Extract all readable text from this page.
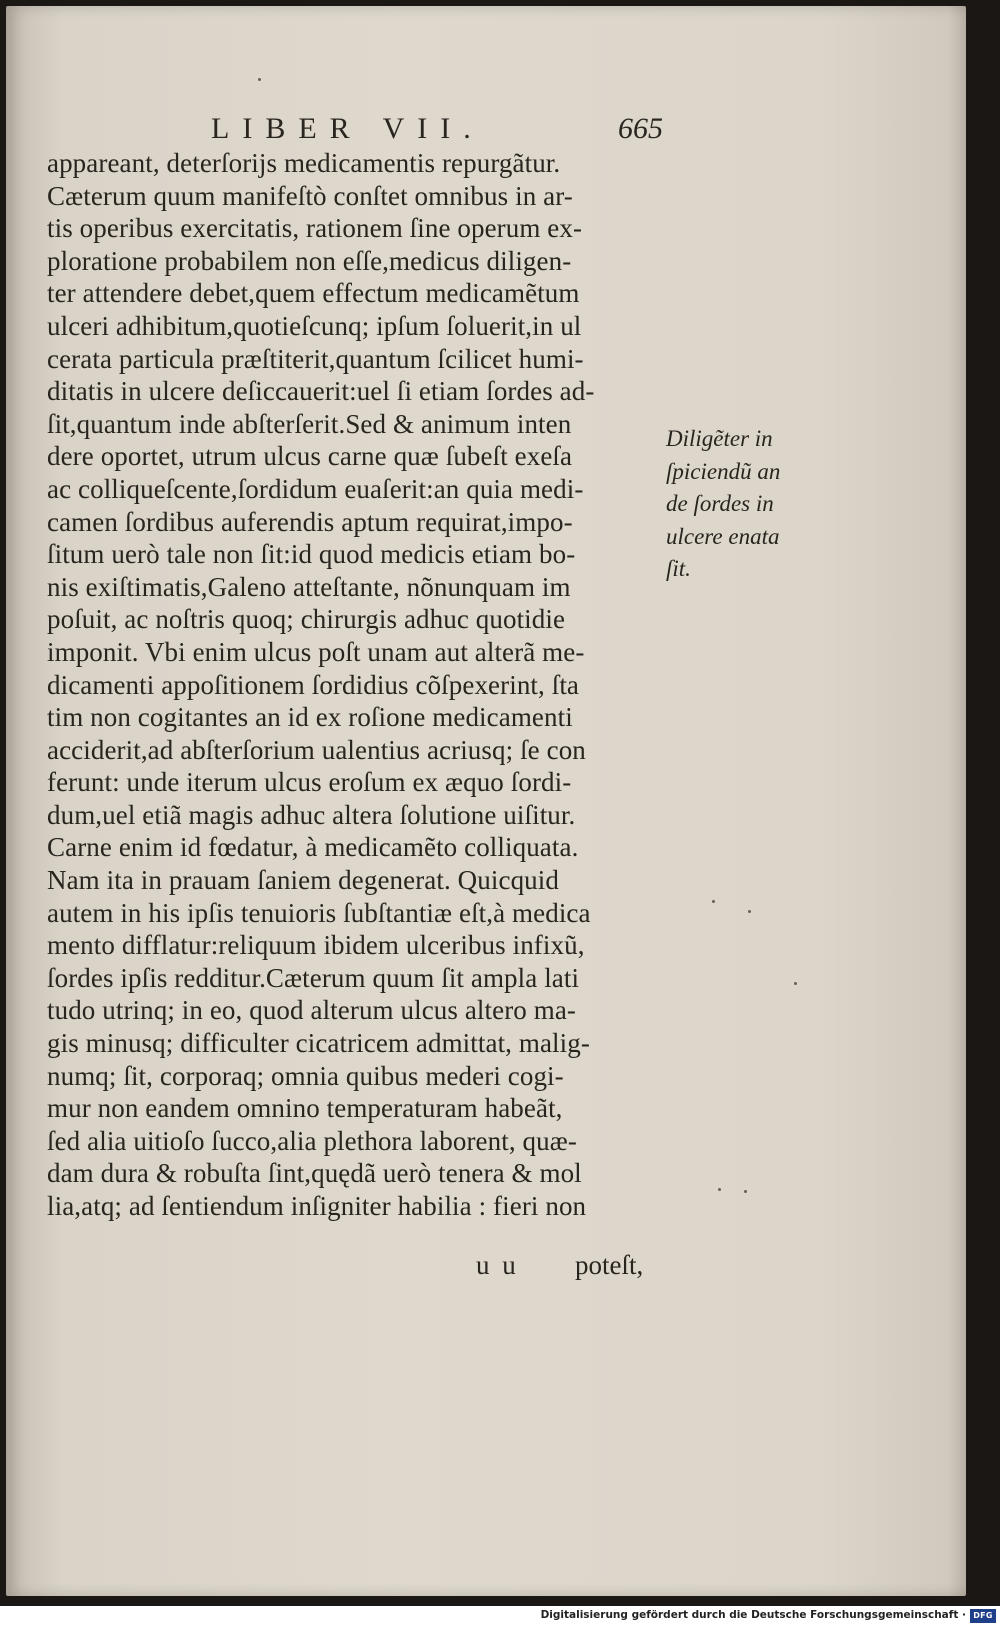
LIBER VII.	665
appareant, deterſorijs medicamentis repurgãtur.
Cæterum quum manifeſtò conſtet omnibus in ar-
tis operibus exercitatis, rationem ſine operum ex-
ploratione probabilem non eſſe,medicus diligen-
ter attendere debet,quem effectum medicamẽtum
ulceri adhibitum,quotieſcunq; ipſum ſoluerit,in ul
cerata particula præſtiterit,quantum ſcilicet humi-
ditatis in ulcere deſiccauerit:uel ſi etiam ſordes ad-
ſit,quantum inde abſterſerit.Sed & animum inten
dere oportet, utrum ulcus carne quæ ſubeſt exeſa
ac colliqueſcente,ſordidum euaſerit:an quia medi-
camen ſordibus auferendis aptum requirat,impo-
ſitum uerò tale non ſit:id quod medicis etiam bo-
nis exiſtimatis,Galeno atteſtante, nõnunquam im
poſuit, ac noſtris quoq; chirurgis adhuc quotidie
imponit. Vbi enim ulcus poſt unam aut alterã me-
dicamenti appoſitionem ſordidius cõſpexerint, ſta
tim non cogitantes an id ex roſione medicamenti
acciderit,ad abſterſorium ualentius acriusq; ſe con
ferunt: unde iterum ulcus eroſum ex æquo ſordi-
dum,uel etiã magis adhuc altera ſolutione uiſitur.
Carne enim id fœdatur, à medicamẽto colliquata.
Nam ita in prauam ſaniem degenerat. Quicquid
autem in his ipſis tenuioris ſubſtantiæ eſt,à medica
mento difflatur:reliquum ibidem ulceribus infixũ,
ſordes ipſis redditur.Cæterum quum ſit ampla lati
tudo utrinq; in eo, quod alterum ulcus altero ma-
gis minusq; difficulter cicatricem admittat, malig-
numq; ſit, corporaq; omnia quibus mederi cogi-
mur non eandem omnino temperaturam habeãt,
ſed alia uitioſo ſucco,alia plethora laborent, quæ-
dam dura & robuſta ſint,quędã uerò tenera & mol
lia,atq; ad ſentiendum inſigniter habilia : fieri non
Diligẽter in
ſpiciendũ an
de ſordes in
ulcere enata
ſit.
u u poteſt,
Digitalisierung gefördert durch die Deutsche Forschungsgemeinschaft · DFG
